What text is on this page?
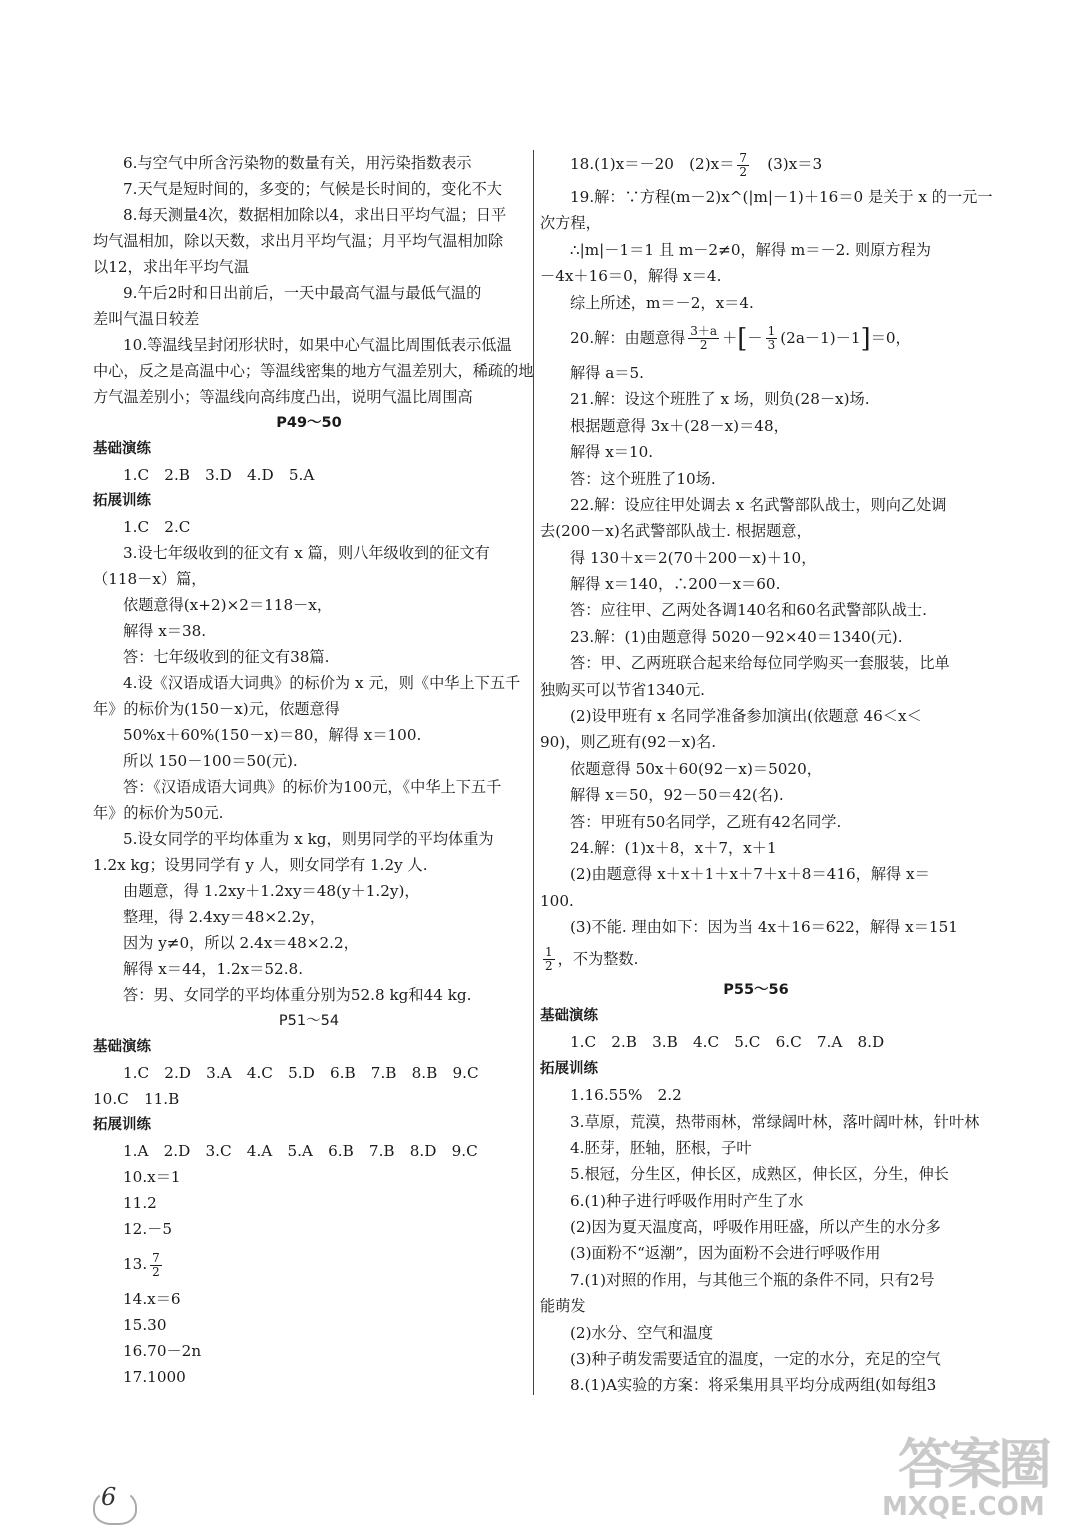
6.与空气中所含污染物的数量有关，用污染指数表示
7.天气是短时间的，多变的；气候是长时间的，变化不大
8.每天测量4次，数据相加除以4，求出日平均气温；日平
均气温相加，除以天数，求出月平均气温；月平均气温相加除
以12，求出年平均气温
9.午后2时和日出前后，一天中最高气温与最低气温的
差叫气温日较差
10.等温线呈封闭形状时，如果中心气温比周围低表示低温
中心，反之是高温中心；等温线密集的地方气温差别大，稀疏的地
方气温差别小；等温线向高纬度凸出，说明气温比周围高
P49～50
基础演练
1.C　2.B　3.D　4.D　5.A
拓展训练
1.C　2.C
3.设七年级收到的征文有 x 篇，则八年级收到的征文有
（118－x）篇，
依题意得(x+2)×2＝118－x，
解得 x＝38.
答：七年级收到的征文有38篇.
4.设《汉语成语大词典》的标价为 x 元，则《中华上下五千
年》的标价为(150－x)元，依题意得
50%x＋60%(150－x)＝80，解得 x＝100.
所以 150－100＝50(元).
答：《汉语成语大词典》的标价为100元，《中华上下五千
年》的标价为50元.
5.设女同学的平均体重为 x kg，则男同学的平均体重为
1.2x kg；设男同学有 y 人，则女同学有 1.2y 人.
由题意，得 1.2xy＋1.2xy＝48(y＋1.2y)，
整理，得 2.4xy＝48×2.2y，
因为 y≠0，所以 2.4x＝48×2.2，
解得 x＝44，1.2x＝52.8.
答：男、女同学的平均体重分别为52.8 kg和44 kg.
P51～54
基础演练
1.C　2.D　3.A　4.C　5.D　6.B　7.B　8.B　9.C
10.C　11.B
拓展训练
1.A　2.D　3.C　4.A　5.A　6.B　7.B　8.D　9.C
10.x＝1
11.2
12.－5
13. $\frac{7}{2}$
14.x＝6
15.30
16.70－2n
17.1000
18.(1)x＝－20　$(2)x= \frac{7}{2}$ 　(3)x＝3
19.解：∵方程(m－2)x^(|m|－1)＋16＝0 是关于 x 的一元一
次方程，
∴|m|－1＝1 且 m－2≠0，解得 m＝－2. 则原方程为
－4x＋16＝0，解得 x＝4.
综上所述，m＝－2，x＝4.
20.解：由题意得 $\frac{3+a}{2}$ ＋[－ $\frac{1}{3} (2a-1)-1]=0$，
解得 a＝5.
21.解：设这个班胜了 x 场，则负(28－x)场.
根据题意得 3x＋(28－x)＝48，
解得 x＝10.
答：这个班胜了10场.
22.解：设应往甲处调去 x 名武警部队战士，则向乙处调
去(200－x)名武警部队战士. 根据题意，
得 130＋x＝2(70＋200－x)＋10，
解得 x＝140，∴200－x＝60.
答：应往甲、乙两处各调140名和60名武警部队战士.
23.解：(1)由题意得 5020－92×40＝1340(元).
答：甲、乙两班联合起来给每位同学购买一套服装，比单
独购买可以节省1340元.
(2)设甲班有 x 名同学准备参加演出(依题意 46＜x＜
90)，则乙班有(92－x)名.
依题意得 50x＋60(92－x)＝5020，
解得 x＝50，92－50＝42(名).
答：甲班有50名同学，乙班有42名同学.
24.解：(1)x＋8，x＋7，x＋1
(2)由题意得 x＋x＋1＋x＋7＋x＋8＝416，解得 x＝
100.
(3)不能. 理由如下：因为当 4x＋16＝622，解得 x＝151
$\frac{1}{2}$ ，不为整数.
P55～56
基础演练
1.C　2.B　3.B　4.C　5.C　6.C　7.A　8.D
拓展训练
1.16.55%　2.2
3.草原，荒漠，热带雨林，常绿阔叶林，落叶阔叶林，针叶林
4.胚芽，胚轴，胚根，子叶
5.根冠，分生区，伸长区，成熟区，伸长区，分生，伸长
6.(1)种子进行呼吸作用时产生了水
(2)因为夏天温度高，呼吸作用旺盛，所以产生的水分多
(3)面粉不“返潮”，因为面粉不会进行呼吸作用
7.(1)对照的作用，与其他三个瓶的条件不同，只有2号
能萌发
(2)水分、空气和温度
(3)种子萌发需要适宜的温度，一定的水分，充足的空气
8.(1)A实验的方案：将采集用具平均分成两组(如每组3
6
答案圈
MXQE.COM
